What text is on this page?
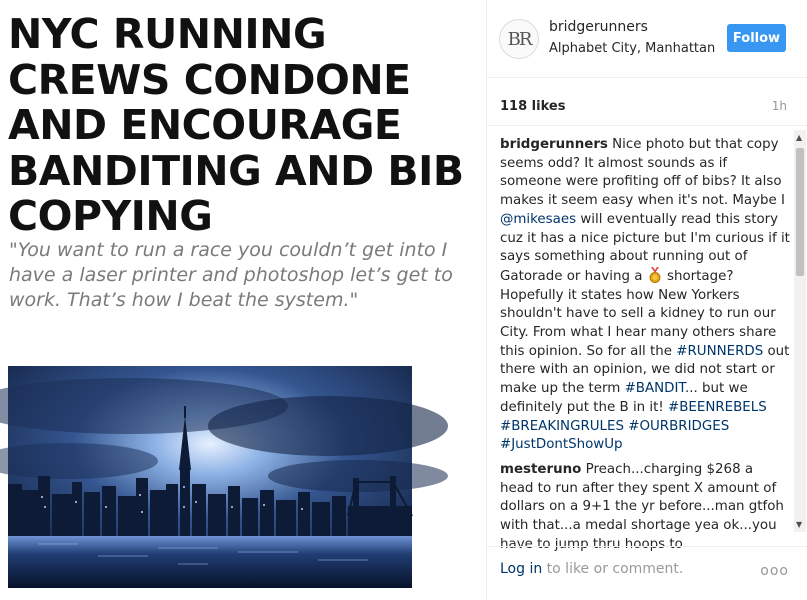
NYC RUNNING CREWS CONDONE AND ENCOURAGE BANDITING AND BIB COPYING
"You want to run a race you couldn’t get into I have a laser printer and photoshop let’s get to work. That’s how I beat the system."
BR
bridgerunners
Alphabet City, Manhattan
Follow
118 likes	1h
bridgerunners Nice photo but that copy seems odd? It almost sounds as if someone were profiting off of bibs? It also makes it seem easy when it's not. Maybe I @mikesaes will eventually read this story cuz it has a nice picture but I'm curious if it says something about running out of Gatorade or having a  shortage? Hopefully it states how New Yorkers shouldn't have to sell a kidney to run our City. From what I hear many others share this opinion. So for all the #RUNNERDS out there with an opinion, we did not start or make up the term #BANDIT... but we definitely put the B in it! #BEENREBELS #BREAKINGRULES #OURBRIDGES #JustDontShowUp
mesteruno Preach...charging $268 a head to run after they spent X amount of dollars on a 9+1 the yr before...man gtfoh with that...a medal shortage yea ok...you have to jump thru hoops to
▲
▼
Log in to like or comment.	ooo
